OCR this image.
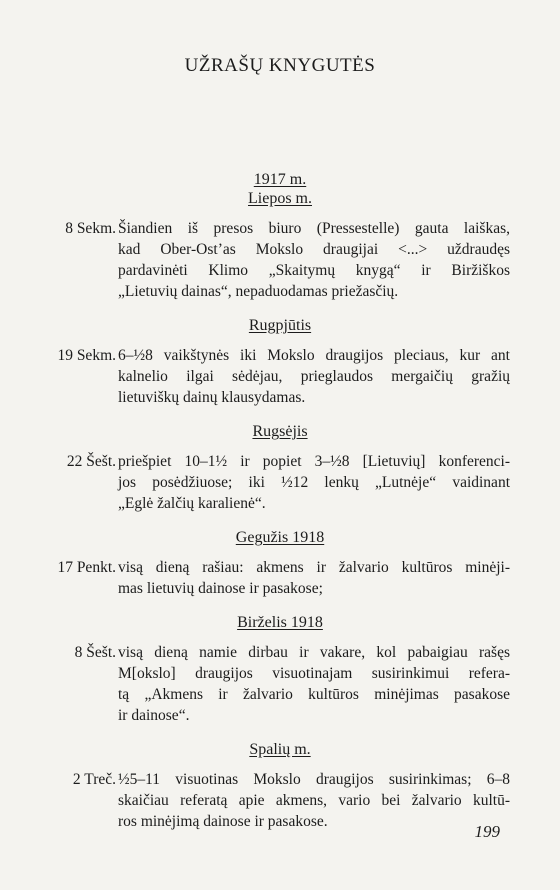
UŽRAŠŲ KNYGUTĖS
1917 m.
Liepos m.
8 Sekm. Šiandien iš presos biuro (Pressestelle) gauta laiškas,
kad Ober-Ost’as Mokslo draugijai <...> uždraudęs
pardavinėti Klimo „Skaitymų knygą“ ir Biržiškos
„Lietuvių dainas“, nepaduodamas priežasčių.
Rugpjūtis
19 Sekm. 6–½8 vaikštynės iki Mokslo draugijos pleciaus, kur ant
kalnelio ilgai sėdėjau, prieglaudos mergaičių gražių
lietuviškų dainų klausydamas.
Rugsėjis
22 Šešt. priešpiet 10–1½ ir popiet 3–½8 [Lietuvių] konferenci-
jos posėdžiuose; iki ½12 lenkų „Lutnėje“ vaidinant
„Eglė žalčių karalienė“.
Gegužis 1918
17 Penkt. visą dieną rašiau: akmens ir žalvario kultūros minėji-
mas lietuvių dainose ir pasakose;
Birželis 1918
8 Šešt. visą dieną namie dirbau ir vakare, kol pabaigiau rašęs
M[okslo] draugijos visuotinajam susirinkimui refera-
tą „Akmens ir žalvario kultūros minėjimas pasakose
ir dainose“.
Spalių m.
2 Treč. ½5–11 visuotinas Mokslo draugijos susirinkimas; 6–8
skaičiau referatą apie akmens, vario bei žalvario kultū-
ros minėjimą dainose ir pasakose.
199
